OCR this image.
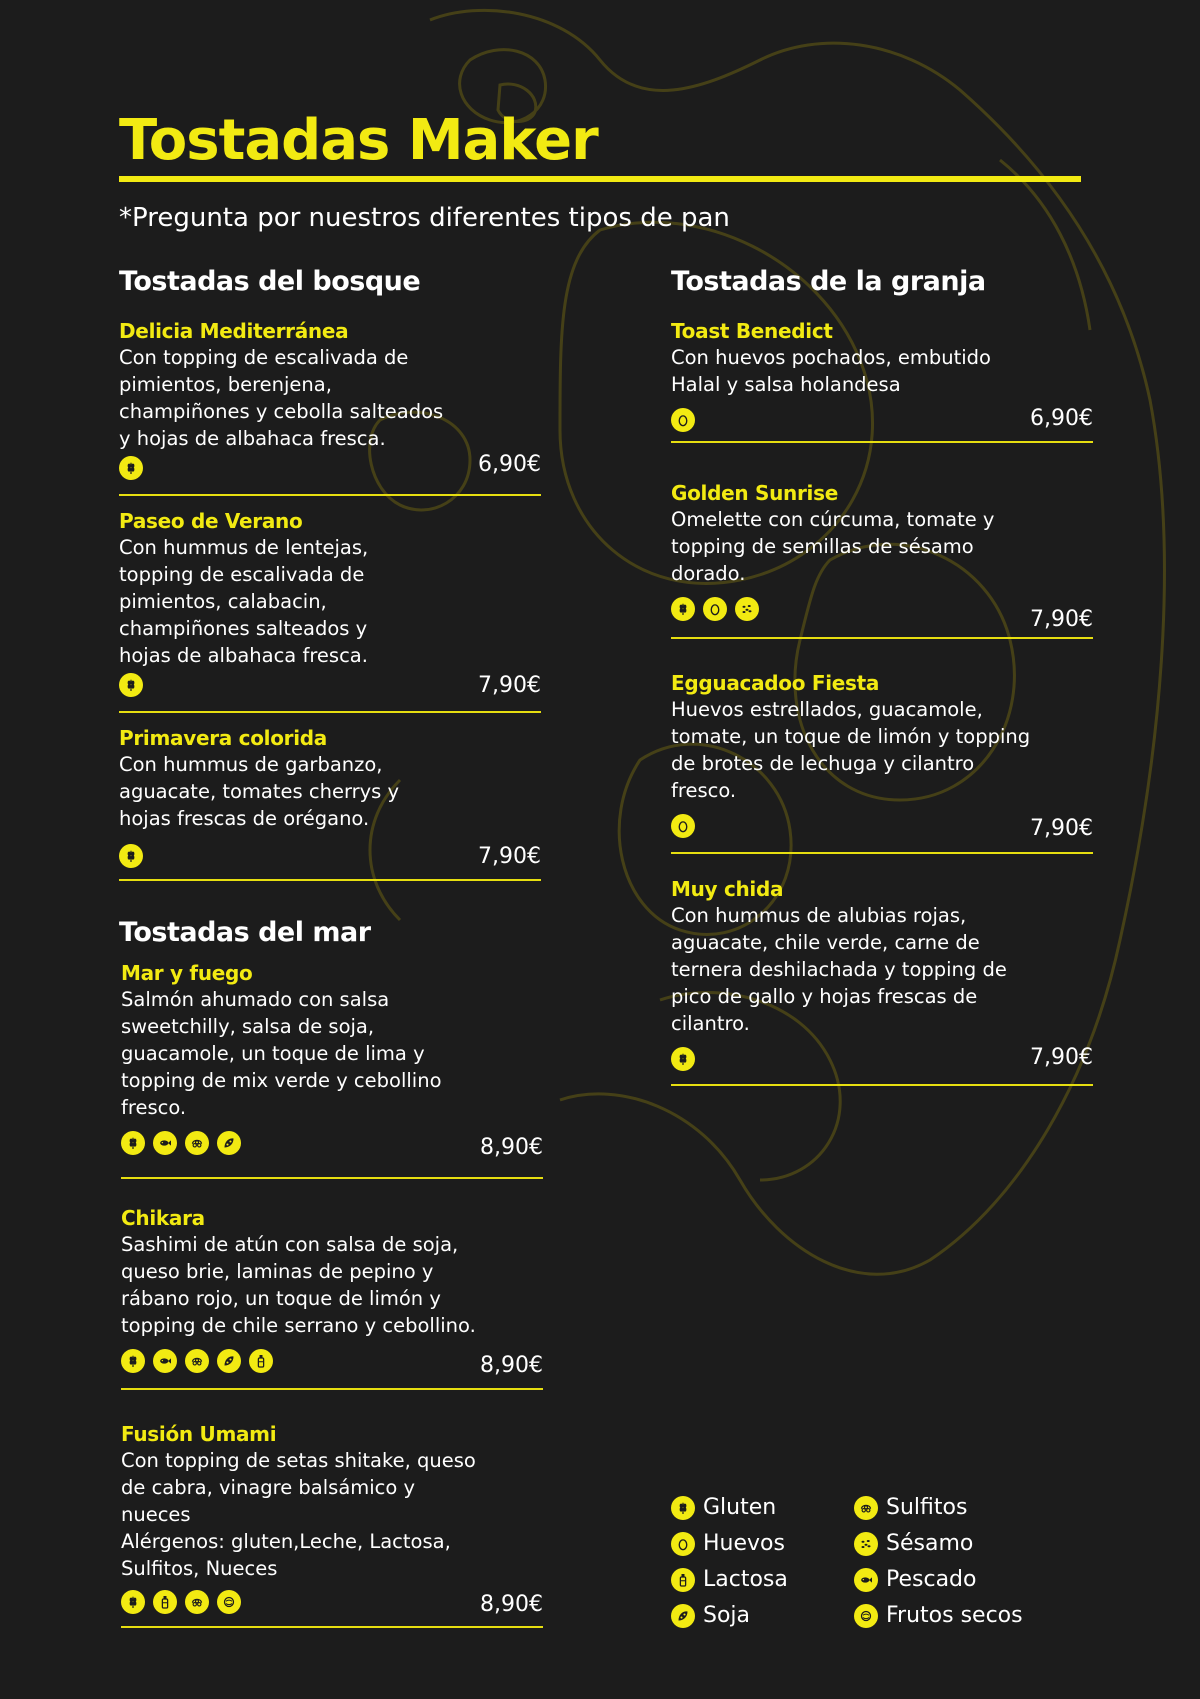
Tostadas Maker
*Pregunta por nuestros diferentes tipos de pan
Tostadas del bosque
Delicia Mediterránea
Con topping de escalivada de
pimientos, berenjena,
champiñones y cebolla salteados
y hojas de albahaca fresca.
6,90€
Paseo de Verano
Con hummus de lentejas,
topping de escalivada de
pimientos, calabacin,
champiñones salteados y
hojas de albahaca fresca.
7,90€
Primavera colorida
Con hummus de garbanzo,
aguacate, tomates cherrys y
hojas frescas de orégano.
7,90€
Tostadas del mar
Mar y fuego
Salmón ahumado con salsa
sweetchilly, salsa de soja,
guacamole, un toque de lima y
topping de mix verde y cebollino
fresco.
8,90€
Chikara
Sashimi de atún con salsa de soja,
queso brie, laminas de pepino y
rábano rojo, un toque de limón y
topping de chile serrano y cebollino.
8,90€
Fusión Umami
Con topping de setas shitake, queso
de cabra, vinagre balsámico y
nueces
Alérgenos: gluten,Leche, Lactosa,
Sulfitos, Nueces
8,90€
Tostadas de la granja
Toast Benedict
Con huevos pochados, embutido
Halal y salsa holandesa
6,90€
Golden Sunrise
Omelette con cúrcuma, tomate y
topping de semillas de sésamo
dorado.
7,90€
Egguacadoo Fiesta
Huevos estrellados, guacamole,
tomate, un toque de limón y topping
de brotes de lechuga y cilantro
fresco.
7,90€
Muy chida
Con hummus de alubias rojas,
aguacate, chile verde, carne de
ternera deshilachada y topping de
pico de gallo y hojas frescas de
cilantro.
7,90€
Gluten
Huevos
Lactosa
Soja
Sulfitos
Sésamo
Pescado
Frutos secos
